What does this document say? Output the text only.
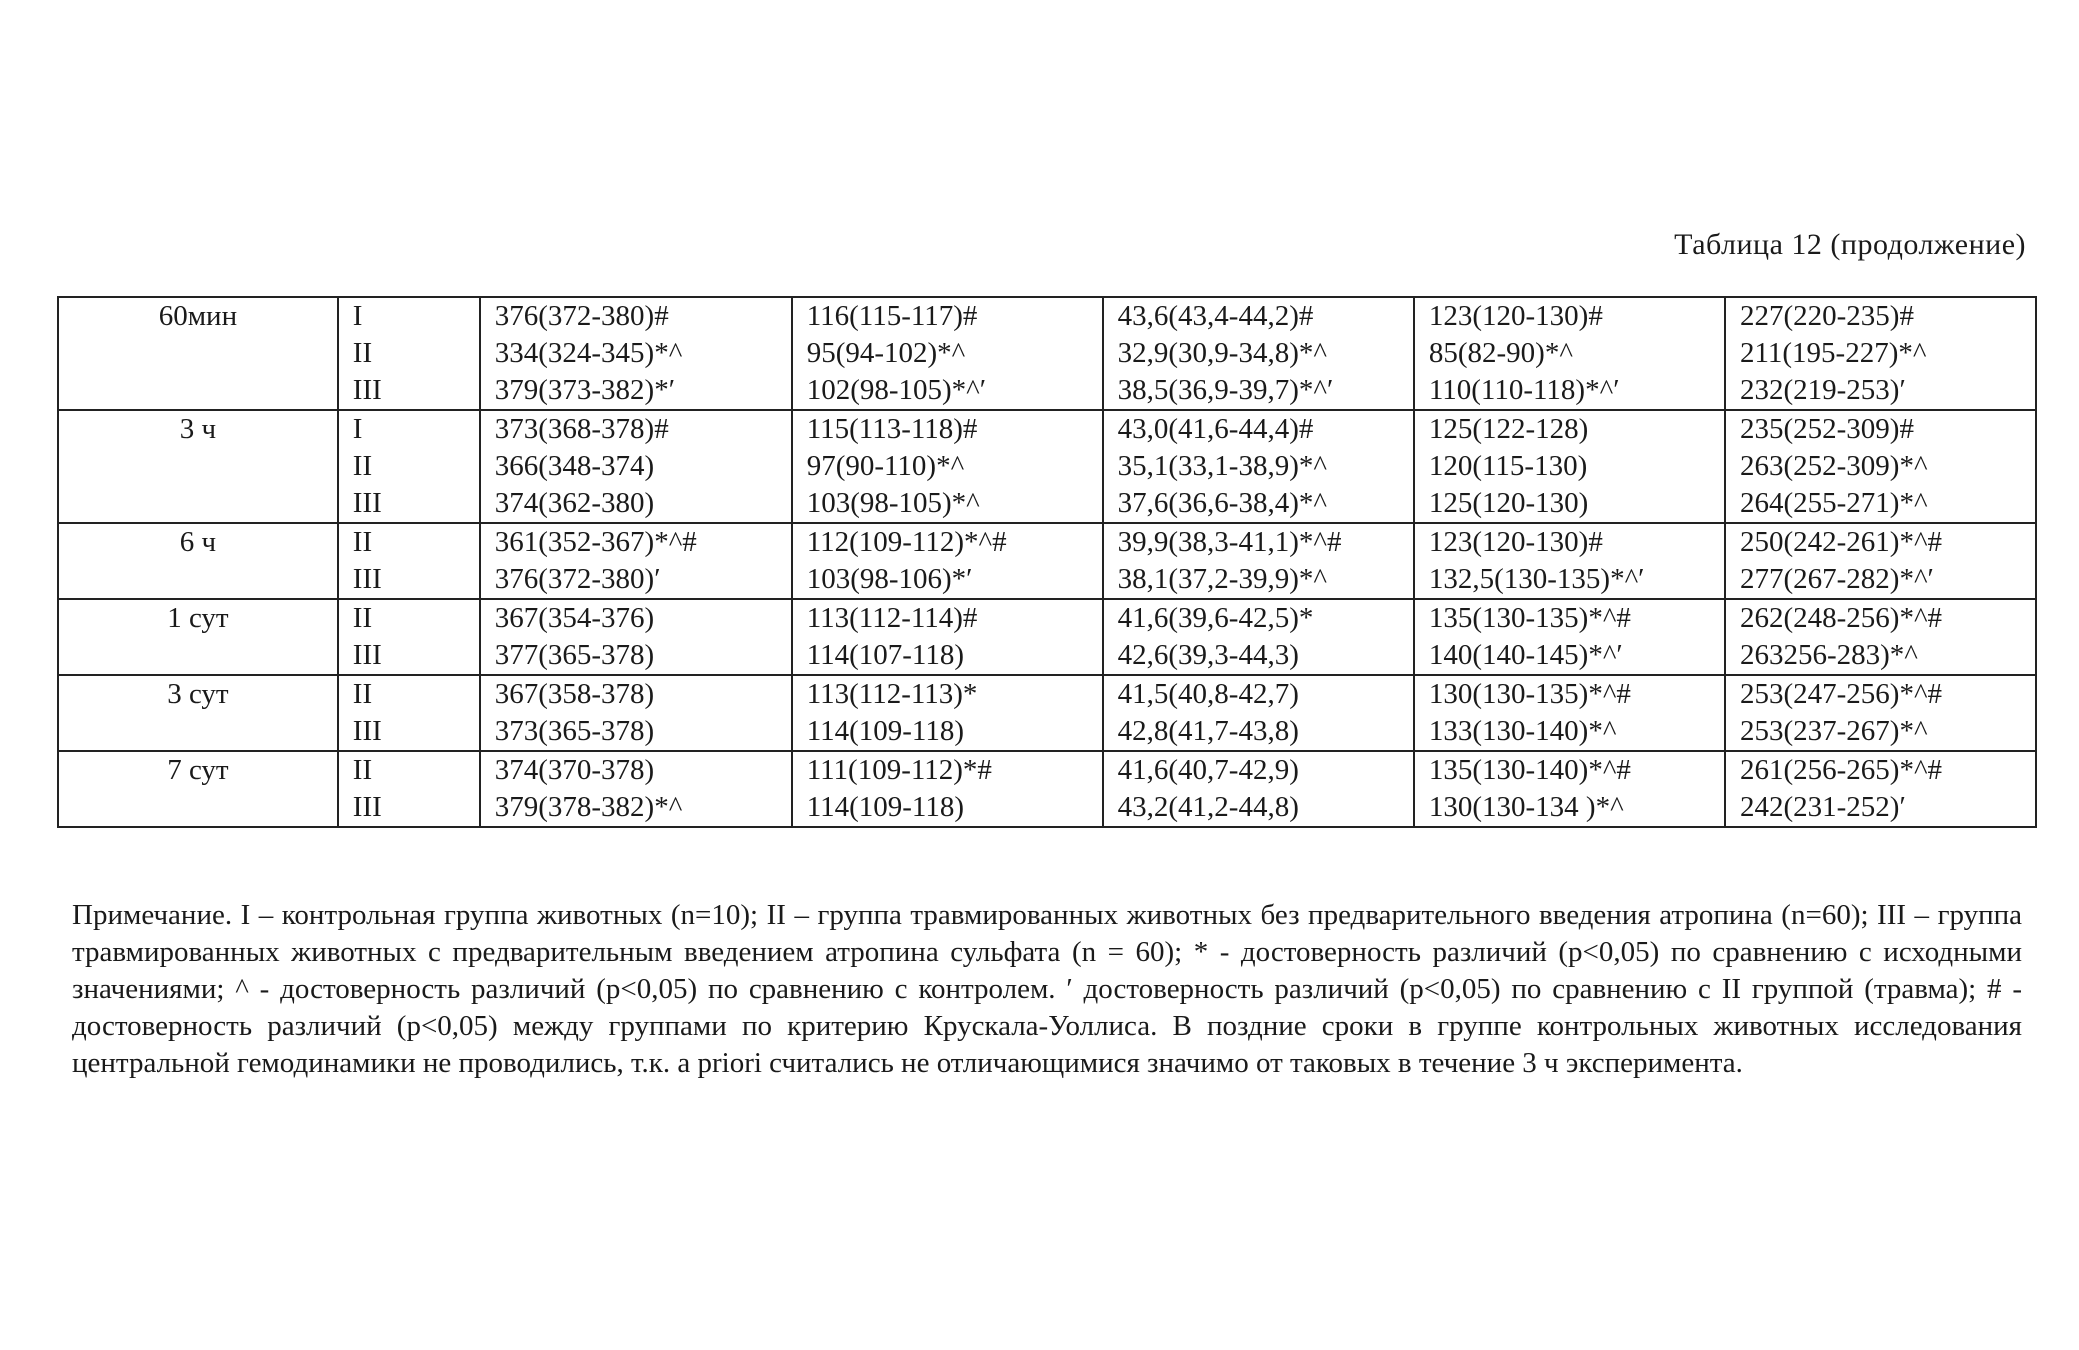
Таблица 12 (продолжение)
60мин	I	376(372-380)#	116(115-117)#	43,6(43,4-44,2)#	123(120-130)#	227(220-235)#
	II	334(324-345)*^	95(94-102)*^	32,9(30,9-34,8)*^	85(82-90)*^	211(195-227)*^
	III	379(373-382)*′	102(98-105)*^′	38,5(36,9-39,7)*^′	110(110-118)*^′	232(219-253)′
3 ч	I	373(368-378)#	115(113-118)#	43,0(41,6-44,4)#	125(122-128)	235(252-309)#
	II	366(348-374)	97(90-110)*^	35,1(33,1-38,9)*^	120(115-130)	263(252-309)*^
	III	374(362-380)	103(98-105)*^	37,6(36,6-38,4)*^	125(120-130)	264(255-271)*^
6 ч	II	361(352-367)*^#	112(109-112)*^#	39,9(38,3-41,1)*^#	123(120-130)#	250(242-261)*^#
	III	376(372-380)′	103(98-106)*′	38,1(37,2-39,9)*^	132,5(130-135)*^′	277(267-282)*^′
1 сут	II	367(354-376)	113(112-114)#	41,6(39,6-42,5)*	135(130-135)*^#	262(248-256)*^#
	III	377(365-378)	114(107-118)	42,6(39,3-44,3)	140(140-145)*^′	263256-283)*^
3 сут	II	367(358-378)	113(112-113)*	41,5(40,8-42,7)	130(130-135)*^#	253(247-256)*^#
	III	373(365-378)	114(109-118)	42,8(41,7-43,8)	133(130-140)*^	253(237-267)*^
7 сут	II	374(370-378)	111(109-112)*#	41,6(40,7-42,9)	135(130-140)*^#	261(256-265)*^#
	III	379(378-382)*^	114(109-118)	43,2(41,2-44,8)	130(130-134 )*^	242(231-252)′
Примечание. I – контрольная группа животных (n=10); II – группа травмированных животных без предварительного введения атропина (n=60); III – группа травмированных животных с предварительным введением атропина сульфата (n = 60); * - достоверность различий (p<0,05) по сравнению с исходными значениями; ^ - достоверность различий (p<0,05) по сравнению с контролем. ′ достоверность различий (p<0,05) по сравнению с II группой (травма); # - достоверность различий (p<0,05) между группами по критерию Крускала-Уоллиса. В поздние сроки в группе контрольных животных исследования центральной гемодинамики не проводились, т.к. a priori считались не отличающимися значимо от таковых в течение 3 ч эксперимента.
